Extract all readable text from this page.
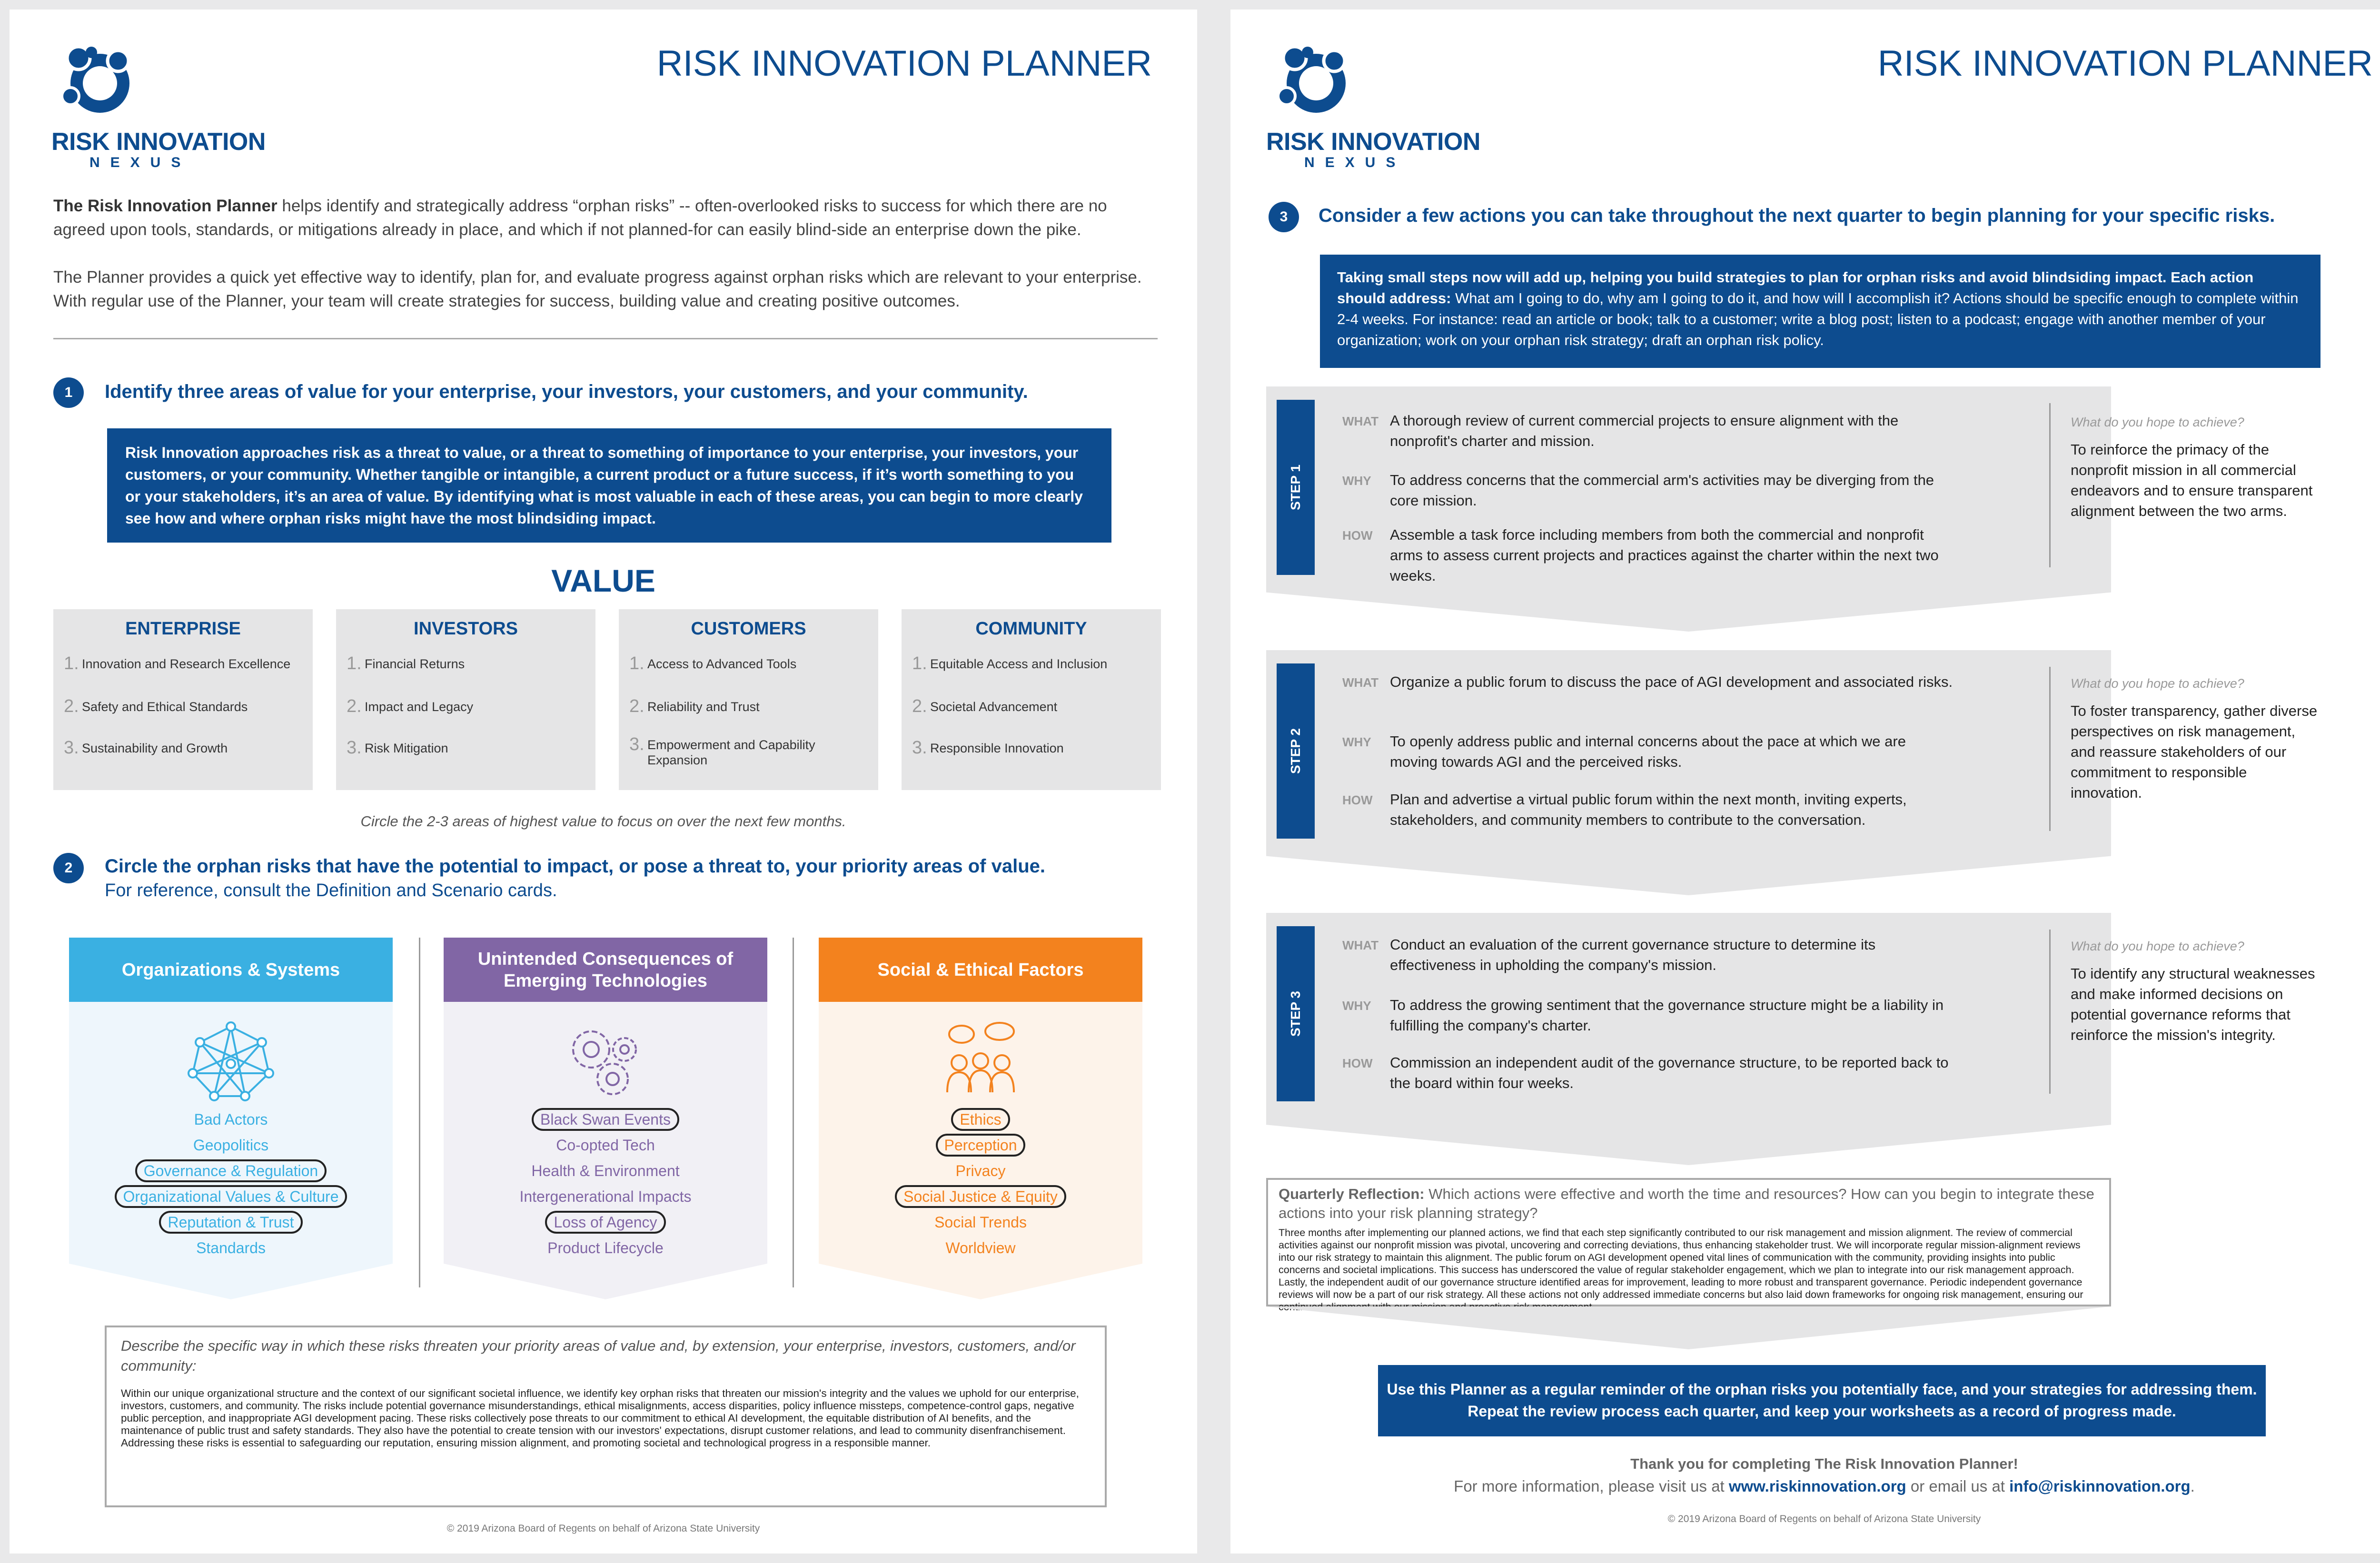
RISK INNOVATION
NEXUS
RISK INNOVATION PLANNER
The Risk Innovation Planner helps identify and strategically address “orphan risks” -- often-overlooked risks to success for which there are no agreed upon tools, standards, or mitigations already in place, and which if not planned-for can easily blind-side an enterprise down the pike.
The Planner provides a quick yet effective way to identify, plan for, and evaluate progress against orphan risks which are relevant to your enterprise. With regular use of the Planner, your team will create strategies for success, building value and creating positive outcomes.
1	Identify three areas of value for your enterprise, your investors, your customers, and your community.
Risk Innovation approaches risk as a threat to value, or a threat to something of importance to your enterprise, your investors, your customers, or your community. Whether tangible or intangible, a current product or a future success, if it’s worth something to you or your stakeholders, it’s an area of value. By identifying what is most valuable in each of these areas, you can begin to more clearly see how and where orphan risks might have the most blindsiding impact.
VALUE
ENTERPRISE
1. Innovation and Research Excellence
2. Safety and Ethical Standards
3. Sustainability and Growth
INVESTORS
1. Financial Returns
2. Impact and Legacy
3. Risk Mitigation
CUSTOMERS
1. Access to Advanced Tools
2. Reliability and Trust
3. Empowerment and Capability Expansion
COMMUNITY
1. Equitable Access and Inclusion
2. Societal Advancement
3. Responsible Innovation
Circle the 2-3 areas of highest value to focus on over the next few months.
2	Circle the orphan risks that have the potential to impact, or pose a threat to, your priority areas of value.
For reference, consult the Definition and Scenario cards.
Organizations & Systems
Bad Actors
Geopolitics
Governance & Regulation
Organizational Values & Culture
Reputation & Trust
Standards
Unintended Consequences of Emerging Technologies
Black Swan Events
Co-opted Tech
Health & Environment
Intergenerational Impacts
Loss of Agency
Product Lifecycle
Social & Ethical Factors
Ethics
Perception
Privacy
Social Justice & Equity
Social Trends
Worldview
Describe the specific way in which these risks threaten your priority areas of value and, by extension, your enterprise, investors, customers, and/or community:
Within our unique organizational structure and the context of our significant societal influence, we identify key orphan risks that threaten our mission's integrity and the values we uphold for our enterprise, investors, customers, and community. The risks include potential governance misunderstandings, ethical misalignments, access disparities, policy influence missteps, competence-control gaps, negative public perception, and inappropriate AGI development pacing. These risks collectively pose threats to our commitment to ethical AI development, the equitable distribution of AI benefits, and the maintenance of public trust and safety standards. They also have the potential to create tension with our investors' expectations, disrupt customer relations, and lead to community disenfranchisement. Addressing these risks is essential to safeguarding our reputation, ensuring mission alignment, and promoting societal and technological progress in a responsible manner.
© 2019 Arizona Board of Regents on behalf of Arizona State University
RISK INNOVATION
NEXUS
RISK INNOVATION PLANNER
3	Consider a few actions you can take throughout the next quarter to begin planning for your specific risks.
Taking small steps now will add up, helping you build strategies to plan for orphan risks and avoid blindsiding impact. Each action should address: What am I going to do, why am I going to do it, and how will I accomplish it? Actions should be specific enough to complete within 2-4 weeks. For instance: read an article or book; talk to a customer; write a blog post; listen to a podcast; engage with another member of your organization; work on your orphan risk strategy; draft an orphan risk policy.
STEP 1
WHAT A thorough review of current commercial projects to ensure alignment with the nonprofit's charter and mission.
WHY	To address concerns that the commercial arm's activities may be diverging from the core mission.
HOW	Assemble a task force including members from both the commercial and nonprofit arms to assess current projects and practices against the charter within the next two weeks.
What do you hope to achieve?
To reinforce the primacy of the nonprofit mission in all commercial endeavors and to ensure transparent alignment between the two arms.
STEP 2
WHAT Organize a public forum to discuss the pace of AGI development and associated risks.
WHY	To openly address public and internal concerns about the pace at which we are moving towards AGI and the perceived risks.
HOW	Plan and advertise a virtual public forum within the next month, inviting experts, stakeholders, and community members to contribute to the conversation.
What do you hope to achieve?
To foster transparency, gather diverse perspectives on risk management, and reassure stakeholders of our commitment to responsible innovation.
STEP 3
WHAT Conduct an evaluation of the current governance structure to determine its effectiveness in upholding the company's mission.
WHY	To address the growing sentiment that the governance structure might be a liability in fulfilling the company's charter.
HOW	Commission an independent audit of the governance structure, to be reported back to the board within four weeks.
What do you hope to achieve?
To identify any structural weaknesses and make informed decisions on potential governance reforms that reinforce the mission's integrity.
Quarterly Reflection: Which actions were effective and worth the time and resources? How can you begin to integrate these actions into your risk planning strategy?
Three months after implementing our planned actions, we find that each step significantly contributed to our risk management and mission alignment. The review of commercial activities against our nonprofit mission was pivotal, uncovering and correcting deviations, thus enhancing stakeholder trust. We will incorporate regular mission-alignment reviews into our risk strategy to maintain this alignment. The public forum on AGI development opened vital lines of communication with the community, providing insights into public concerns and societal implications. This success has underscored the value of regular stakeholder engagement, which we plan to integrate into our risk management approach. Lastly, the independent audit of our governance structure identified areas for improvement, leading to more robust and transparent governance. Periodic independent governance reviews will now be a part of our risk strategy. All these actions not only addressed immediate concerns but also laid down frameworks for ongoing risk management, ensuring our
Use this Planner as a regular reminder of the orphan risks you potentially face, and your strategies for addressing them. Repeat the review process each quarter, and keep your worksheets as a record of progress made.
Thank you for completing The Risk Innovation Planner!
For more information, please visit us at www.riskinnovation.org or email us at info@riskinnovation.org.
© 2019 Arizona Board of Regents on behalf of Arizona State University
